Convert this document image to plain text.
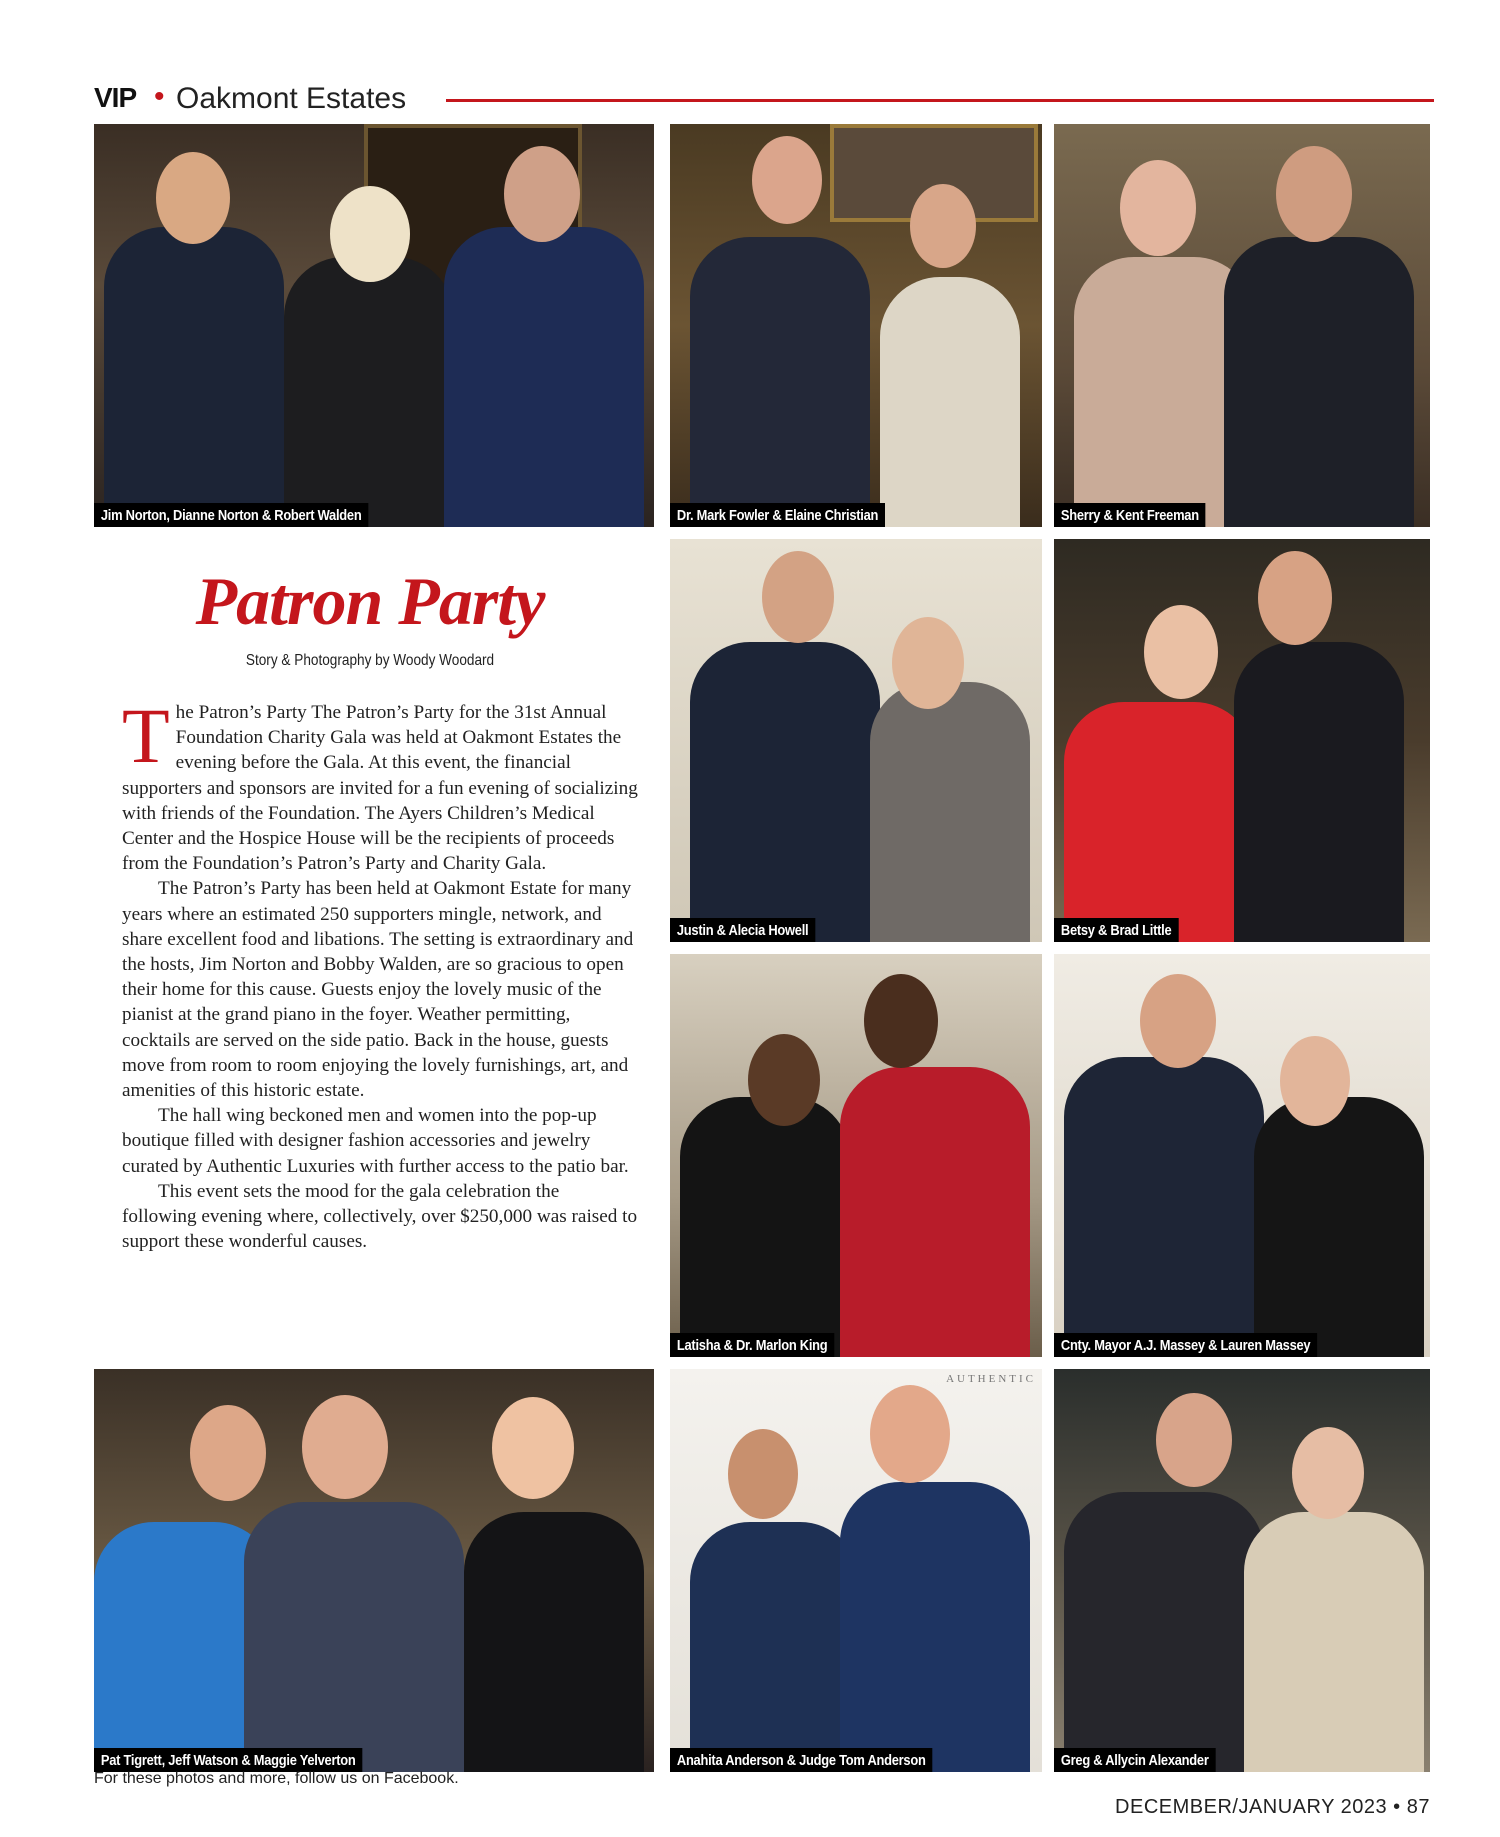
VIP • Oakmont Estates
Jim Norton, Dianne Norton & Robert Walden	Dr. Mark Fowler & Elaine Christian	Sherry & Kent Freeman
Justin & Alecia Howell	Betsy & Brad Little
Latisha & Dr. Marlon King	Cnty. Mayor A.J. Massey & Lauren Massey
Pat Tigrett, Jeff Watson & Maggie Yelverton
AUTHENTIC
Anahita Anderson & Judge Tom Anderson	Greg & Allycin Alexander
Patron Party
Story & Photography by Woody Woodard

The Patron’s Party The Patron’s Party for the 31st Annual Foundation Charity Gala was held at Oakmont Estates the evening before the Gala. At this event, the financial supporters and sponsors are invited for a fun evening of socializing with friends of the Foundation. The Ayers Children’s Medical Center and the Hospice House will be the recipients of proceeds from the Foundation’s Patron’s Party and Charity Gala.

The Patron’s Party has been held at Oakmont Estate for many years where an estimated 250 supporters mingle, network, and share excellent food and libations. The setting is extraordinary and the hosts, Jim Norton and Bobby Walden, are so gracious to open their home for this cause. Guests enjoy the lovely music of the pianist at the grand piano in the foyer. Weather permitting, cocktails are served on the side patio. Back in the house, guests move from room to room enjoying the lovely furnishings, art, and amenities of this historic estate.

The hall wing beckoned men and women into the pop-up boutique filled with designer fashion accessories and jewelry curated by Authentic Luxuries with further access to the patio bar.

This event sets the mood for the gala celebration the following evening where, collectively, over $250,000 was raised to support these wonderful causes.

For these photos and more, follow us on Facebook.
DECEMBER/JANUARY 2023 • 87
